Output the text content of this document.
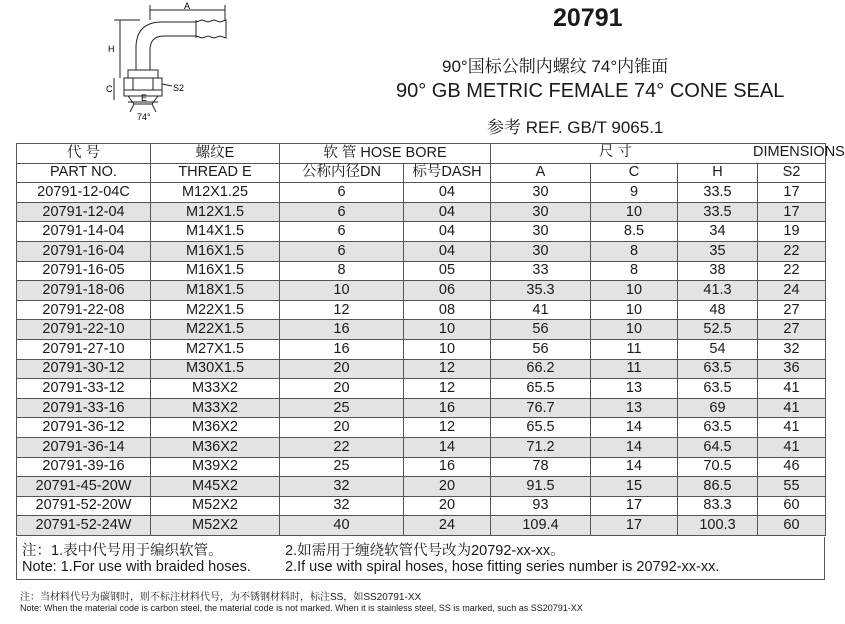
A
H
C
E
S2
74°
20791
90°国标公制内螺纹 74°内锥面
90° GB METRIC FEMALE 74° CONE SEAL
参考 REF. GB/T 9065.1
代 号	螺纹E	软 管 HOSE BORE		尺 寸 DIMENSIONS			

PART NO.	THREAD E	公称内径DN	标号DASH	A	C	H	S2
20791-12-04C	M12X1.25	6	04	30	9	33.5	17
20791-12-04	M12X1.5	6	04	30	10	33.5	17
20791-14-04	M14X1.5	6	04	30	8.5	34	19
20791-16-04	M16X1.5	6	04	30	8	35	22
20791-16-05	M16X1.5	8	05	33	8	38	22
20791-18-06	M18X1.5	10	06	35.3	10	41.3	24
20791-22-08	M22X1.5	12	08	41	10	48	27
20791-22-10	M22X1.5	16	10	56	10	52.5	27
20791-27-10	M27X1.5	16	10	56	11	54	32
20791-30-12	M30X1.5	20	12	66.2	11	63.5	36
20791-33-12	M33X2	20	12	65.5	13	63.5	41
20791-33-16	M33X2	25	16	76.7	13	69	41
20791-36-12	M36X2	20	12	65.5	14	63.5	41
20791-36-14	M36X2	22	14	71.2	14	64.5	41
20791-39-16	M39X2	25	16	78	14	70.5	46
20791-45-20W	M45X2	32	20	91.5	15	86.5	55
20791-52-20W	M52X2	32	20	93	17	83.3	60
20791-52-24W	M52X2	40	24	109.4	17	100.3	60
注：1.表中代号用于编织软管。	2.如需用于缠绕软管代号改为20792-xx-xx。
Note: 1.For use with braided hoses. 2.If use with spiral hoses, hose fitting series number is 20792-xx-xx.
注：当材料代号为碳钢时，则不标注材料代号，为不锈钢材料时，标注SS，如SS20791-XX
Note: When the material code is carbon steel, the material code is not marked. When it is stainless steel, SS is marked, such as SS20791-XX
